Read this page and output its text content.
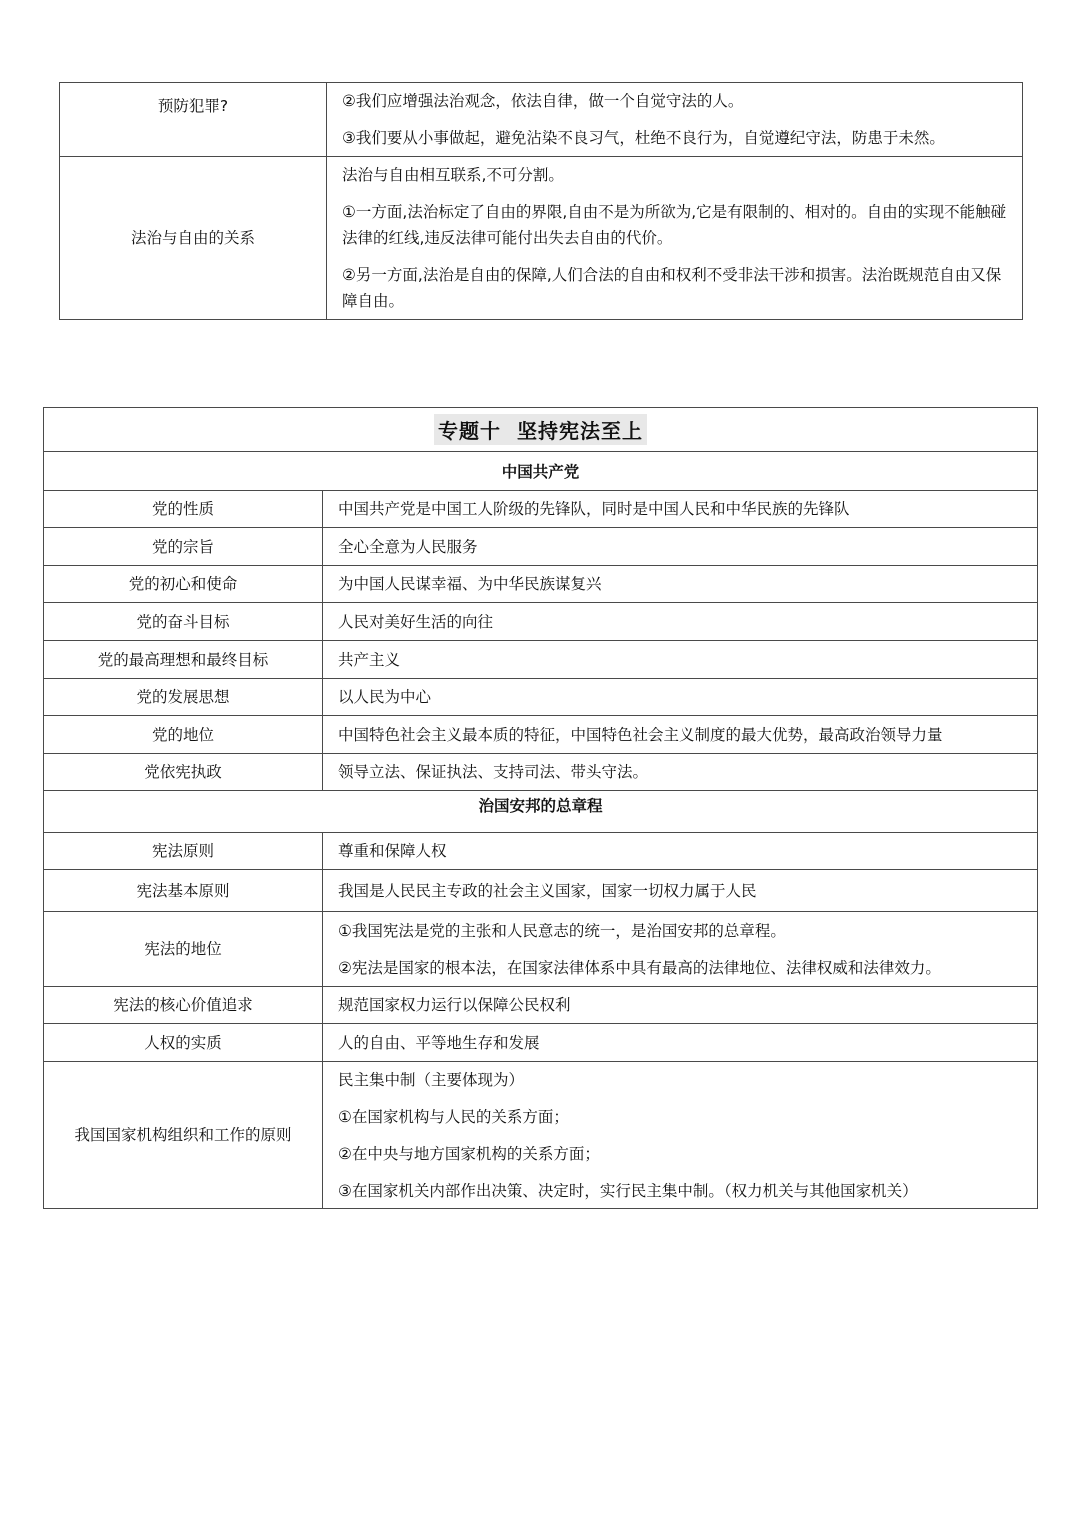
预防犯罪?	②我们应增强法治观念，依法自律，做一个自觉守法的人。

③我们要从小事做起，避免沾染不良习气，杜绝不良行为，自觉遵纪守法，防患于未然。

法治与自由的关系	法治与自由相互联系,不可分割。

①一方面,法治标定了自由的界限,自由不是为所欲为,它是有限制的、相对的。自由的实现不能触碰法律的红线,违反法律可能付出失去自由的代价。

②另一方面,法治是自由的保障,人们合法的自由和权利不受非法干涉和损害。法治既规范自由又保障自由。

专题十  坚持宪法至上	
中国共产党	
党的性质	中国共产党是中国工人阶级的先锋队，同时是中国人民和中华民族的先锋队
党的宗旨	全心全意为人民服务
党的初心和使命	为中国人民谋幸福、为中华民族谋复兴
党的奋斗目标	人民对美好生活的向往
党的最高理想和最终目标	共产主义
党的发展思想	以人民为中心
党的地位	中国特色社会主义最本质的特征，中国特色社会主义制度的最大优势，最高政治领导力量
党依宪执政	领导立法、保证执法、支持司法、带头守法。
治国安邦的总章程	
宪法原则	尊重和保障人权
宪法基本原则	我国是人民民主专政的社会主义国家，国家一切权力属于人民
宪法的地位	①我国宪法是党的主张和人民意志的统一，是治国安邦的总章程。

②宪法是国家的根本法，在国家法律体系中具有最高的法律地位、法律权威和法律效力。

宪法的核心价值追求	规范国家权力运行以保障公民权利
人权的实质	人的自由、平等地生存和发展
我国国家机构组织和工作的原则	民主集中制（主要体现为）

①在国家机构与人民的关系方面；

②在中央与地方国家机构的关系方面；

③在国家机关内部作出决策、决定时，实行民主集中制。（权力机关与其他国家机关）
